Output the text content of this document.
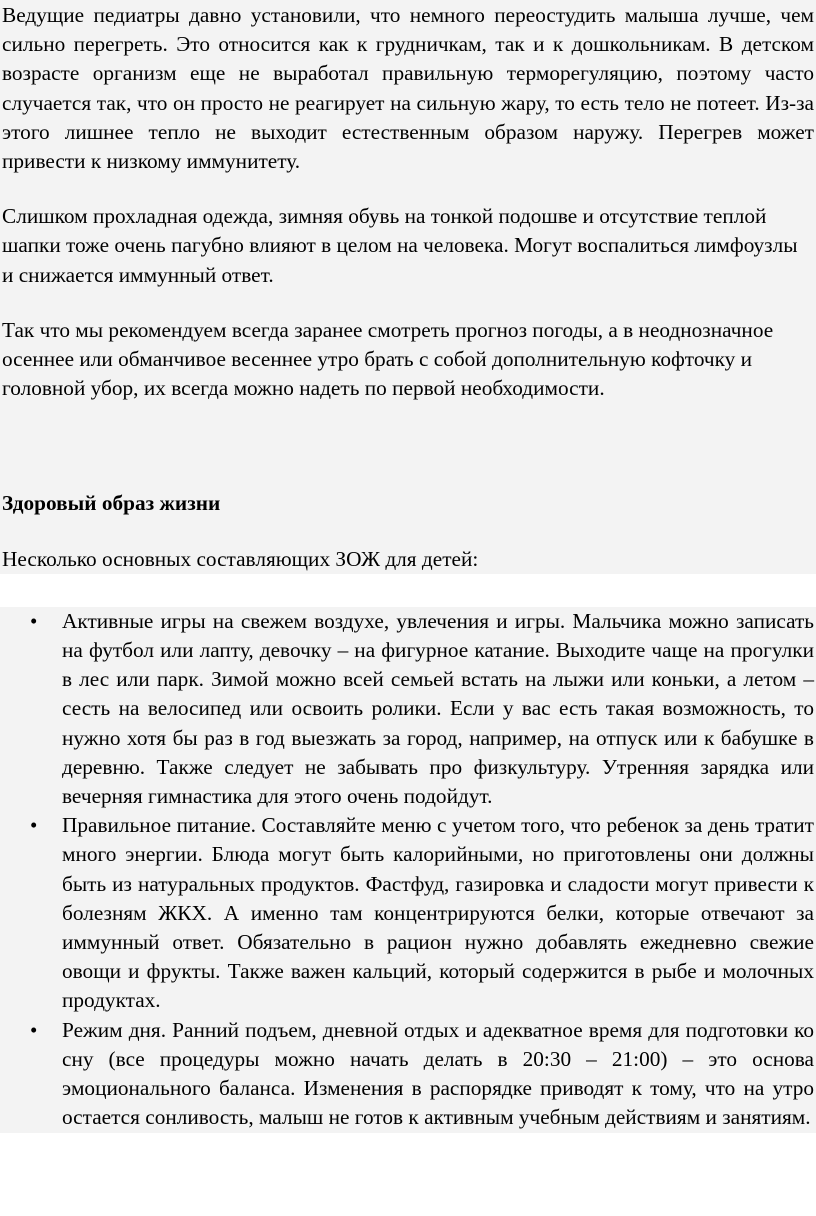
Ведущие педиатры давно установили, что немного переостудить малыша лучше, чем сильно перегреть. Это относится как к грудничкам, так и к дошкольникам. В детском возрасте организм еще не выработал правильную терморегуляцию, поэтому часто случается так, что он просто не реагирует на сильную жару, то есть тело не потеет. Из-за этого лишнее тепло не выходит естественным образом наружу. Перегрев может привести к низкому иммунитету.

Слишком прохладная одежда, зимняя обувь на тонкой подошве и отсутствие теплой шапки тоже очень пагубно влияют в целом на человека. Могут воспалиться лимфоузлы и снижается иммунный ответ.

Так что мы рекомендуем всегда заранее смотреть прогноз погоды, а в неоднозначное осеннее или обманчивое весеннее утро брать с собой дополнительную кофточку и головной убор, их всегда можно надеть по первой необходимости.

Здоровый образ жизни

Несколько основных составляющих ЗОЖ для детей:

• Активные игры на свежем воздухе, увлечения и игры. Мальчика можно записать на футбол или лапту, девочку – на фигурное катание. Выходите чаще на прогулки в лес или парк. Зимой можно всей семьей встать на лыжи или коньки, а летом – сесть на велосипед или освоить ролики. Если у вас есть такая возможность, то нужно хотя бы раз в год выезжать за город, например, на отпуск или к бабушке в деревню. Также следует не забывать про физкультуру. Утренняя зарядка или вечерняя гимнастика для этого очень подойдут.
• Правильное питание. Составляйте меню с учетом того, что ребенок за день тратит много энергии. Блюда могут быть калорийными, но приготовлены они должны быть из натуральных продуктов. Фастфуд, газировка и сладости могут привести к болезням ЖКХ. А именно там концентрируются белки, которые отвечают за иммунный ответ. Обязательно в рацион нужно добавлять ежедневно свежие овощи и фрукты. Также важен кальций, который содержится в рыбе и молочных продуктах.
• Режим дня. Ранний подъем, дневной отдых и адекватное время для подготовки ко сну (все процедуры можно начать делать в 20:30 – 21:00) – это основа эмоционального баланса. Изменения в распорядке приводят к тому, что на утро остается сонливость, малыш не готов к активным учебным действиям и занятиям.
